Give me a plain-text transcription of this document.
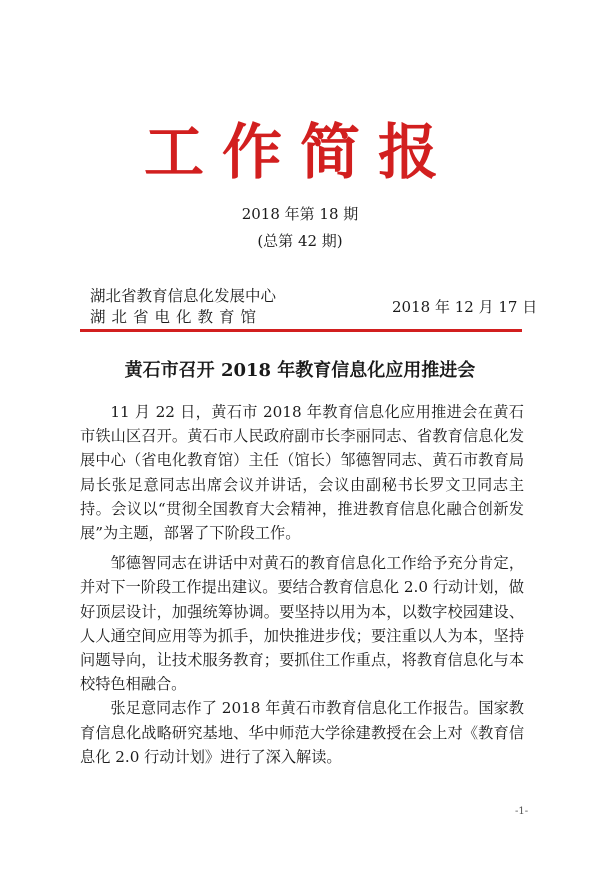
工作简报
2018 年第 18 期
(总第 42 期)
湖北省教育信息化发展中心
湖北省电化教育馆
2018 年 12 月 17 日
黄石市召开 2018 年教育信息化应用推进会

11 月 22 日，黄石市 2018 年教育信息化应用推进会在黄石市铁山区召开。黄石市人民政府副市长李丽同志、省教育信息化发展中心（省电化教育馆）主任（馆长）邹德智同志、黄石市教育局局长张足意同志出席会议并讲话，会议由副秘书长罗文卫同志主持。会议以“贯彻全国教育大会精神，推进教育信息化融合创新发展”为主题，部署了下阶段工作。

邹德智同志在讲话中对黄石的教育信息化工作给予充分肯定，并对下一阶段工作提出建议。要结合教育信息化 2.0 行动计划，做好顶层设计，加强统筹协调。要坚持以用为本，以数字校园建设、人人通空间应用等为抓手，加快推进步伐；要注重以人为本，坚持问题导向，让技术服务教育；要抓住工作重点，将教育信息化与本校特色相融合。

张足意同志作了 2018 年黄石市教育信息化工作报告。国家教育信息化战略研究基地、华中师范大学徐建教授在会上对《教育信息化 2.0 行动计划》进行了深入解读。

-1-
